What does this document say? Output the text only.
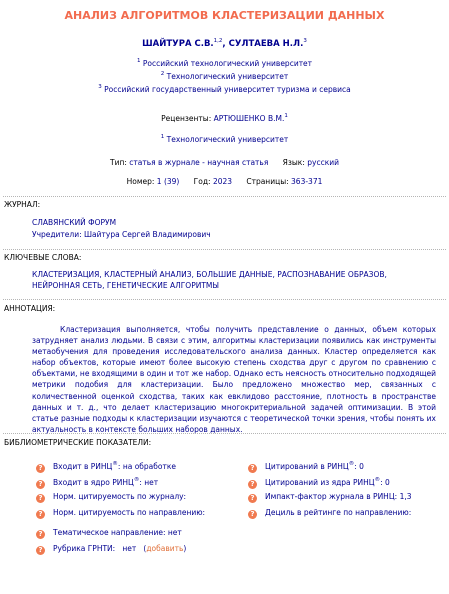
АНАЛИЗ АЛГОРИТМОВ КЛАСТЕРИЗАЦИИ ДАННЫХ
ШАЙТУРА С.В.$^{1,2}$, СУЛТАЕВА Н.Л.$^3$
$^1$ Российский технологический университет
$^2$ Технологический университет
$^3$ Российский государственный университет туризма и сервиса
Рецензенты: АРТЮШЕНКО В.М.$^1$
$^1$ Технологический университет
Тип: статья в журнале - научная статья Язык: русский
Номер: 1 (39) Год: 2023 Страницы: 363-371
ЖУРНАЛ:
СЛАВЯНСКИЙ ФОРУМ
Учредители: Шайтура Сергей Владимирович
КЛЮЧЕВЫЕ СЛОВА:
КЛАСТЕРИЗАЦИЯ, КЛАСТЕРНЫЙ АНАЛИЗ, БОЛЬШИЕ ДАННЫЕ, РАСПОЗНАВАНИЕ ОБРАЗОВ,
НЕЙРОННАЯ СЕТЬ, ГЕНЕТИЧЕСКИЕ АЛГОРИТМЫ
АННОТАЦИЯ:
Кластеризация выполняется, чтобы получить представление о данных, объем которых затрудняет анализ людьми. В связи с этим, алгоритмы кластеризации появились как инструменты метаобучения для проведения исследовательского анализа данных. Кластер определяется как набор объектов, которые имеют более высокую степень сходства друг с другом по сравнению с объектами, не входящими в один и тот же набор. Однако есть неясность относительно подходящей метрики подобия для кластеризации. Было предложено множество мер, связанных с количественной оценкой сходства, таких как евклидово расстояние, плотность в пространстве данных и т. д., что делает кластеризацию многокритериальной задачей оптимизации. В этой статье разные подходы к кластеризации изучаются с теоретической точки зрения, чтобы понять их актуальность в контексте больших наборов данных.
БИБЛИОМЕТРИЧЕСКИЕ ПОКАЗАТЕЛИ:
? Входит в РИНЦ®: на обработке
? Входит в ядро РИНЦ®: нет
? Норм. цитируемость по журналу:
? Норм. цитируемость по направлению:
? Тематическое направление: нет
? Рубрика ГРНТИ: нет (добавить)
? Цитирований в РИНЦ®: 0
? Цитирований из ядра РИНЦ®: 0
? Импакт-фактор журнала в РИНЦ: 1,3
? Дециль в рейтинге по направлению:
